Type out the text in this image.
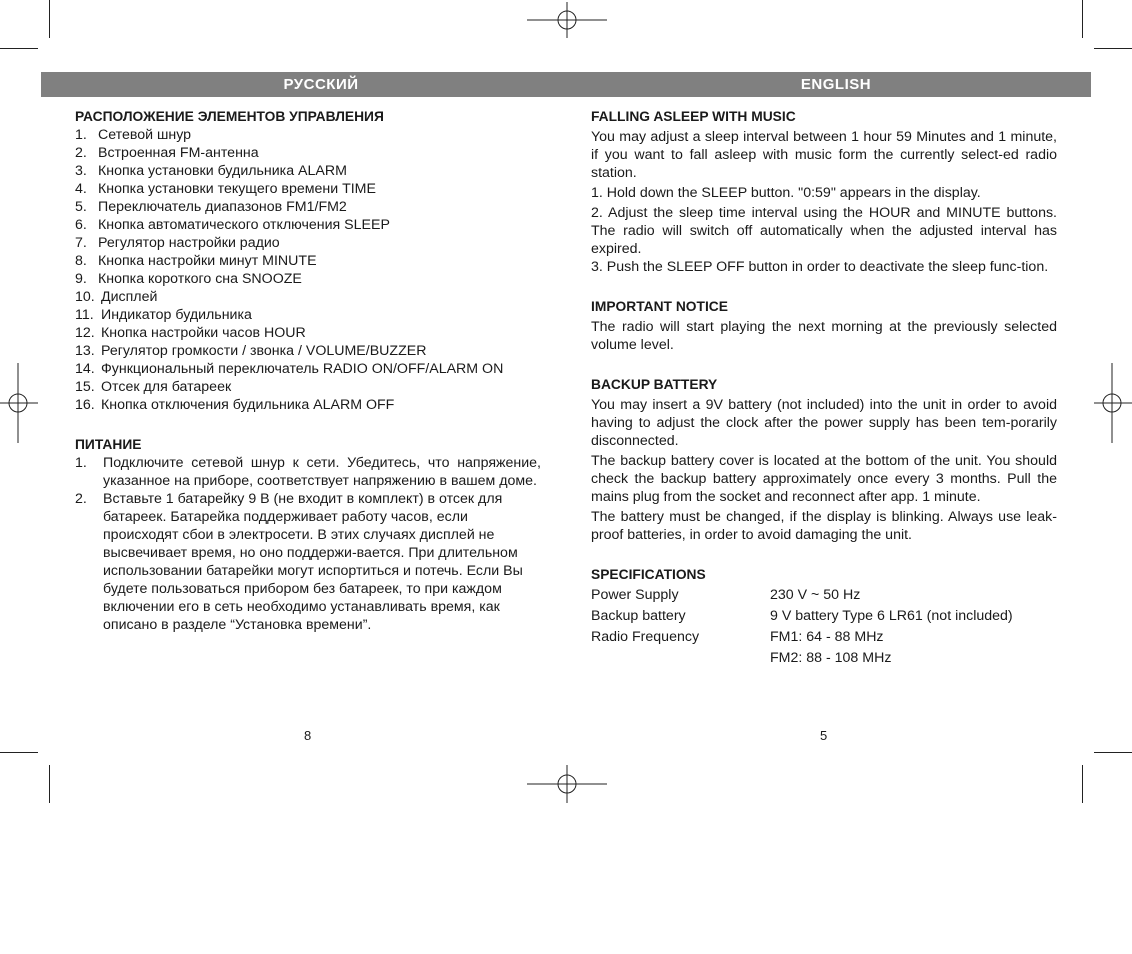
РУССКИЙ	ENGLISH
РАСПОЛОЖЕНИЕ ЭЛЕМЕНТОВ УПРАВЛЕНИЯ
1. Сетевой шнур
2. Встроенная FM-антенна
3. Кнопка установки будильника ALARM
4. Кнопка установки текущего времени TIME
5. Переключатель диапазонов FM1/FM2
6. Кнопка автоматического отключения SLEEP
7. Регулятор настройки радио
8. Кнопка настройки минут MINUTE
9. Кнопка короткого сна SNOOZE
10. Дисплей
11. Индикатор будильника
12. Кнопка настройки часов HOUR
13. Регулятор громкости / звонка / VOLUME/BUZZER
14. Функциональный переключатель RADIO ON/OFF/ALARM ON
15. Отсек для батареек
16. Кнопка отключения будильника ALARM OFF
ПИТАНИЕ
1. Подключите сетевой шнур к сети. Убедитесь, что напряжение, указанное на приборе, соответствует напряжению в вашем доме.
2. Вставьте 1 батарейку 9 В (не входит в комплект) в отсек для батареек. Батарейка поддерживает работу часов, если происходят сбои в электросети. В этих случаях дисплей не высвечивает время, но оно поддержи-вается. При длительном использовании батарейки могут испортиться и потечь. Если Вы будете пользоваться прибором без батареек, то при каждом включении его в сеть необходимо устанавливать время, как описано в разделе “Установка времени”.
FALLING ASLEEP WITH MUSIC

You may adjust a sleep interval between 1 hour 59 Minutes and 1 minute, if you want to fall asleep with music form the currently select-ed radio station.

1. Hold down the SLEEP button. "0:59" appears in the display.

2. Adjust the sleep time interval using the HOUR and MINUTE buttons. The radio will switch off automatically when the adjusted interval has expired.

3. Push the SLEEP OFF button in order to deactivate the sleep func-tion.

IMPORTANT NOTICE

The radio will start playing the next morning at the previously selected volume level.

BACKUP BATTERY

You may insert a 9V battery (not included) into the unit in order to avoid having to adjust the clock after the power supply has been tem-porarily disconnected.

The backup battery cover is located at the bottom of the unit. You should check the backup battery approximately once every 3 months. Pull the mains plug from the socket and reconnect after app. 1 minute.

The battery must be changed, if the display is blinking. Always use leak-proof batteries, in order to avoid damaging the unit.

SPECIFICATIONS
Power Supply	230 V ~ 50 Hz
Backup battery	9 V battery Type 6 LR61 (not included)
Radio Frequency	FM1: 64 - 88 MHz
FM2: 88 - 108 MHz
8	5
